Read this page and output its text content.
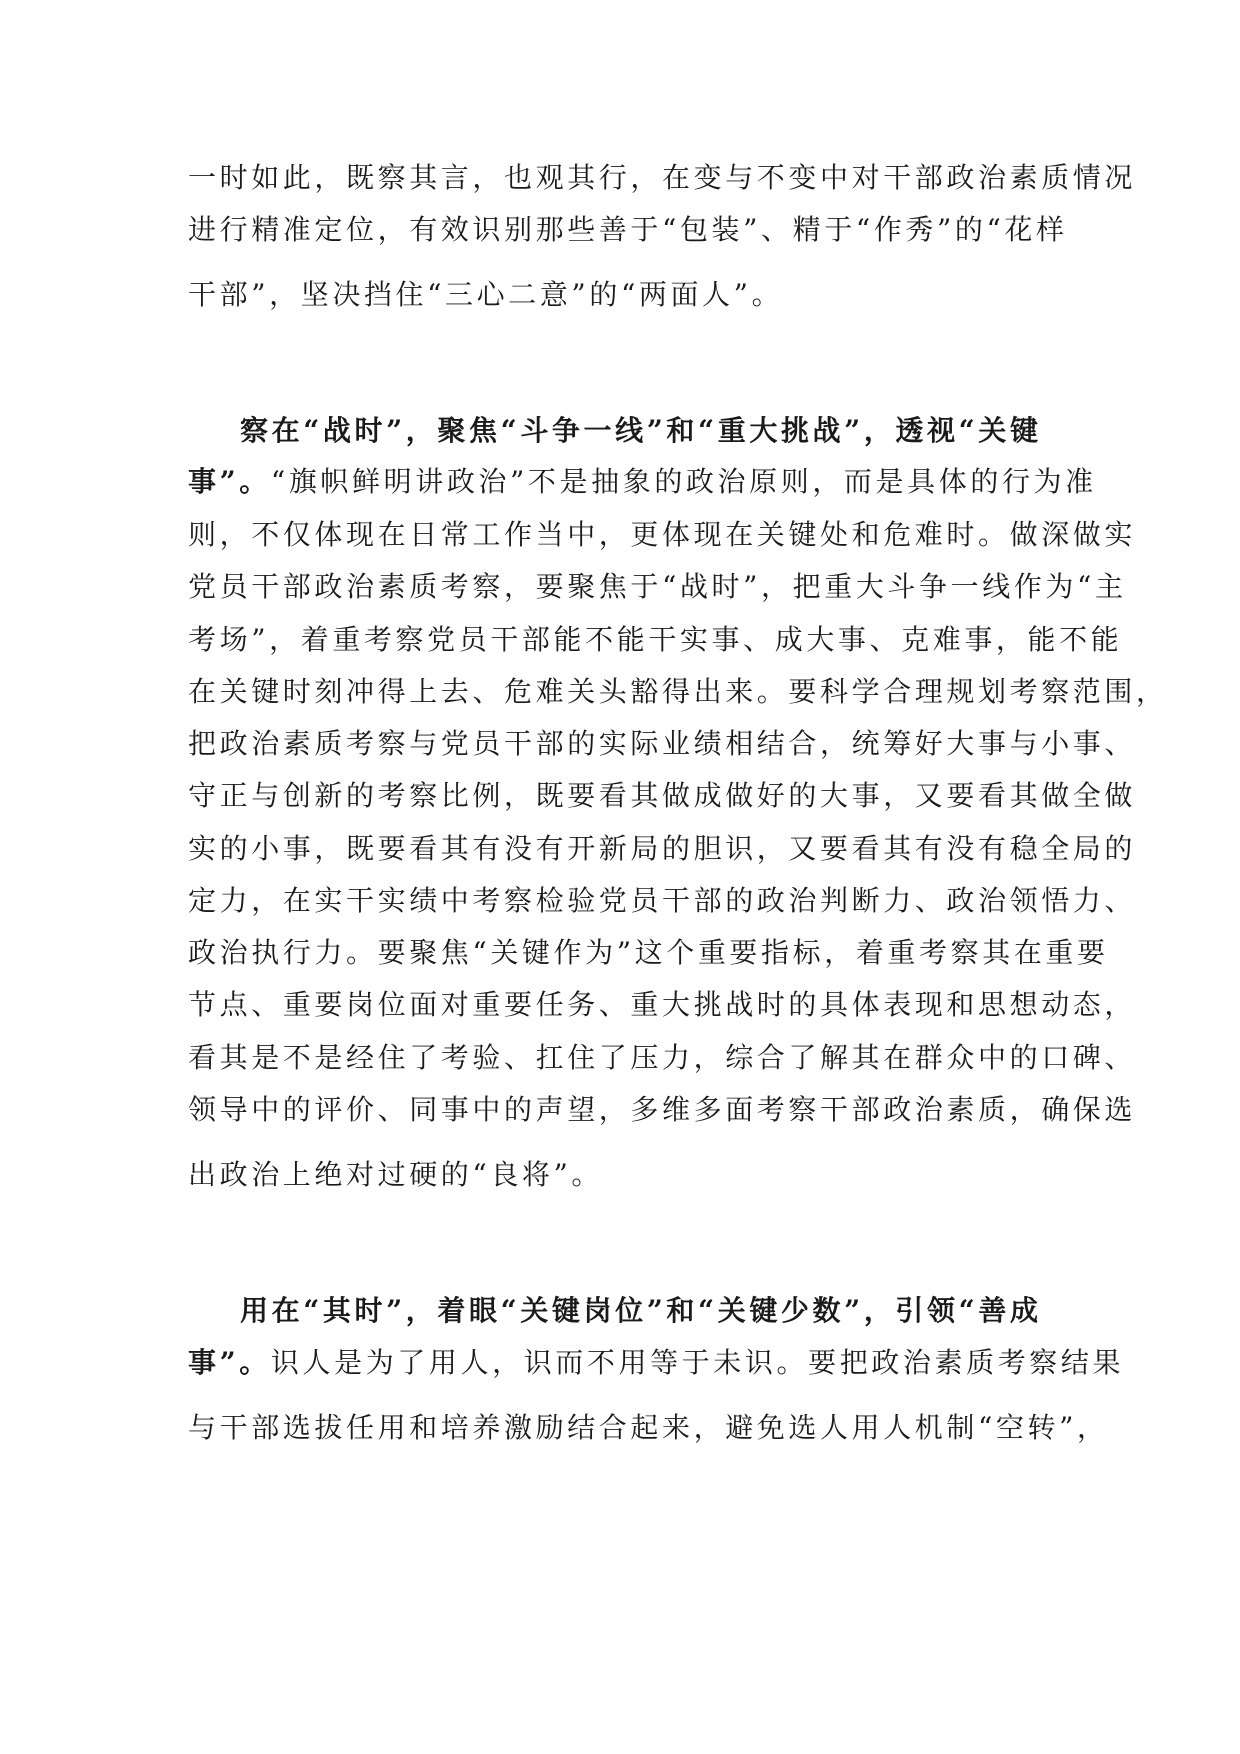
一时如此，既察其言，也观其行，在变与不变中对干部政治素质情况
进行精准定位，有效识别那些善于“包装”、精于“作秀”的“花样
干部”，坚决挡住“三心二意”的“两面人”。
察在“战时”，聚焦“斗争一线”和“重大挑战”，透视“关键
事”。“旗帜鲜明讲政治”不是抽象的政治原则，而是具体的行为准
则，不仅体现在日常工作当中，更体现在关键处和危难时。做深做实
党员干部政治素质考察，要聚焦于“战时”，把重大斗争一线作为“主
考场”，着重考察党员干部能不能干实事、成大事、克难事，能不能
在关键时刻冲得上去、危难关头豁得出来。要科学合理规划考察范围，
把政治素质考察与党员干部的实际业绩相结合，统筹好大事与小事、
守正与创新的考察比例，既要看其做成做好的大事，又要看其做全做
实的小事，既要看其有没有开新局的胆识，又要看其有没有稳全局的
定力，在实干实绩中考察检验党员干部的政治判断力、政治领悟力、
政治执行力。要聚焦“关键作为”这个重要指标，着重考察其在重要
节点、重要岗位面对重要任务、重大挑战时的具体表现和思想动态，
看其是不是经住了考验、扛住了压力，综合了解其在群众中的口碑、
领导中的评价、同事中的声望，多维多面考察干部政治素质，确保选
出政治上绝对过硬的“良将”。
用在“其时”，着眼“关键岗位”和“关键少数”，引领“善成
事”。识人是为了用人，识而不用等于未识。要把政治素质考察结果
与干部选拔任用和培养激励结合起来，避免选人用人机制“空转”，
